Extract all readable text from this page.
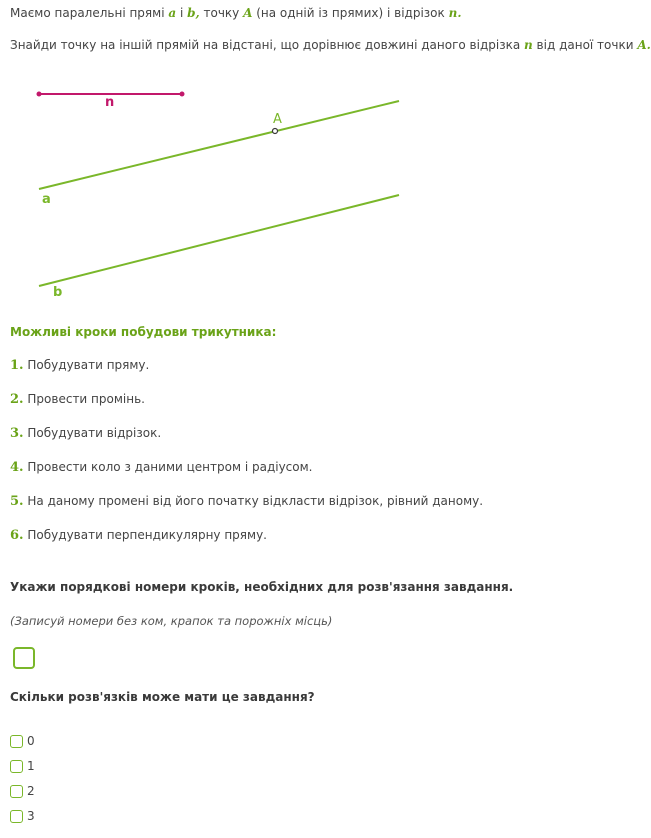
Маємо паралельні прямі a і b, точку A (на одній із прямих) і відрізок n.
Знайди точку на іншій прямій на відстані, що дорівнює довжині даного відрізка n від даної точки A.
n
a
A
b
Можливі кроки побудови трикутника:
1. Побудувати пряму.
2. Провести промінь.
3. Побудувати відрізок.
4. Провести коло з даними центром і радіусом.
5. На даному промені від його початку відкласти відрізок, рівний даному.
6. Побудувати перпендикулярну пряму.
Укажи порядкові номери кроків, необхідних для розв'язання завдання.
(Записуй номери без ком, крапок та порожніх місць)
Скільки розв'язків може мати це завдання?
0
1
2
3
